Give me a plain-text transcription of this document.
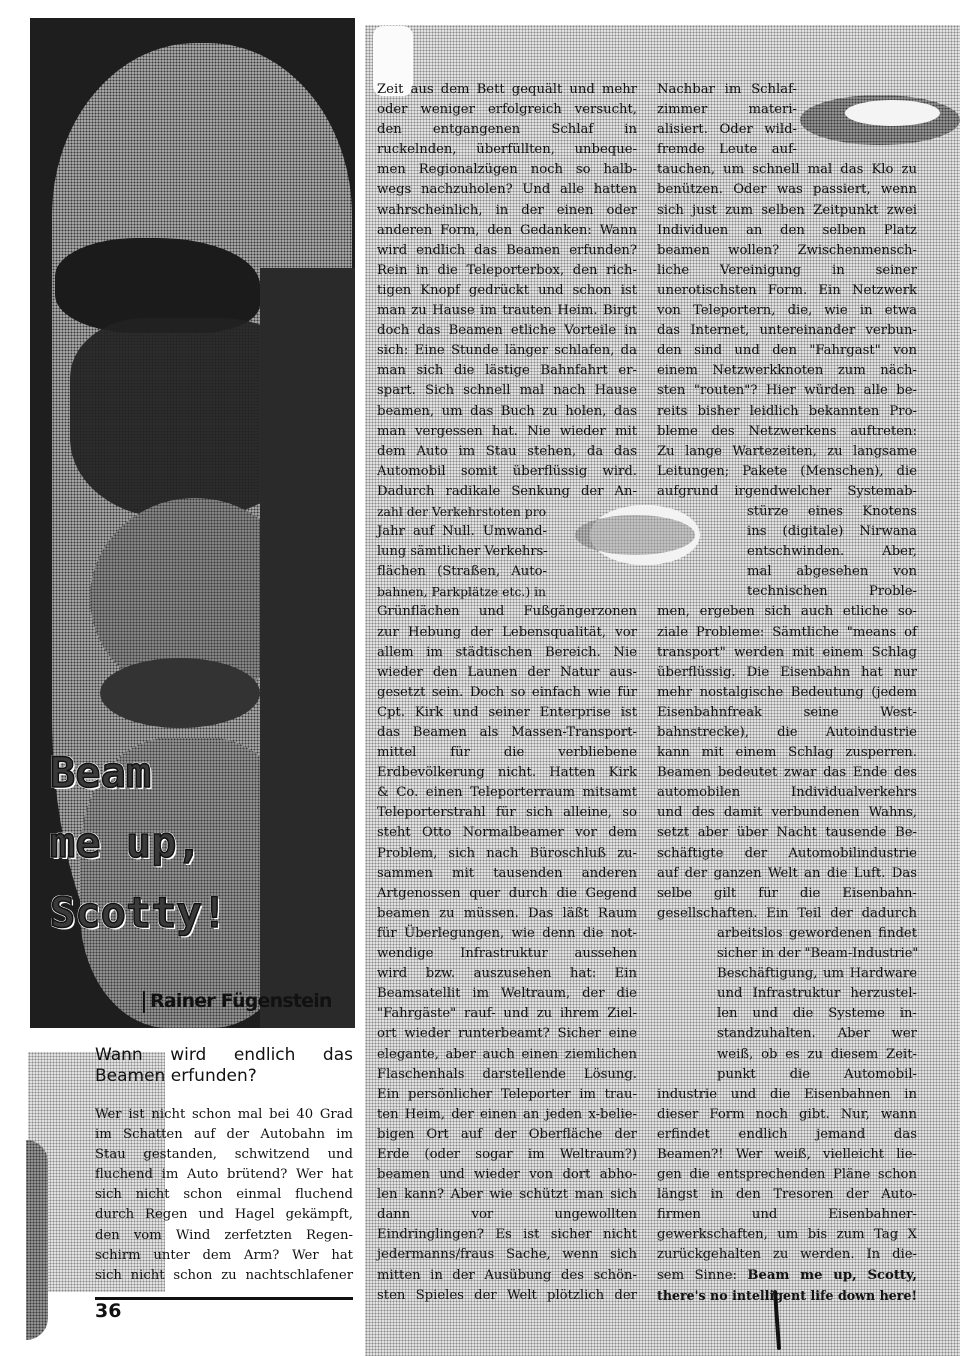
Beam
me up,
Scotty!
Rainer Fügenstein
Wann wird endlich das
Beamen erfunden?
Wer ist nicht schon mal bei 40 Grad
im Schatten auf der Autobahn im
Stau gestanden, schwitzend und
fluchend im Auto brütend? Wer hat
sich nicht schon einmal fluchend
durch Regen und Hagel gekämpft,
den vom Wind zerfetzten Regen-
schirm unter dem Arm? Wer hat
sich nicht schon zu nachtschlafener
Zeit aus dem Bett gequält und mehr
oder weniger erfolgreich versucht,
den entgangenen Schlaf in
ruckelnden, überfüllten, unbeque-
men Regionalzügen noch so halb-
wegs nachzuholen? Und alle hatten
wahrscheinlich, in der einen oder
anderen Form, den Gedanken: Wann
wird endlich das Beamen erfunden?
Rein in die Teleporterbox, den rich-
tigen Knopf gedrückt und schon ist
man zu Hause im trauten Heim. Birgt
doch das Beamen etliche Vorteile in
sich: Eine Stunde länger schlafen, da
man sich die lästige Bahnfahrt er-
spart. Sich schnell mal nach Hause
beamen, um das Buch zu holen, das
man vergessen hat. Nie wieder mit
dem Auto im Stau stehen, da das
Automobil somit überflüssig wird.
Dadurch radikale Senkung der An-
zahl der Verkehrstoten pro
Jahr auf Null. Umwand-
lung sämtlicher Verkehrs-
flächen (Straßen, Auto-
bahnen, Parkplätze etc.) in
Grünflächen und Fußgängerzonen
zur Hebung der Lebensqualität, vor
allem im städtischen Bereich. Nie
wieder den Launen der Natur aus-
gesetzt sein. Doch so einfach wie für
Cpt. Kirk und seiner Enterprise ist
das Beamen als Massen-Transport-
mittel für die verbliebene
Erdbevölkerung nicht. Hatten Kirk
& Co. einen Teleporterraum mitsamt
Teleporterstrahl für sich alleine, so
steht Otto Normalbeamer vor dem
Problem, sich nach Büroschluß zu-
sammen mit tausenden anderen
Artgenossen quer durch die Gegend
beamen zu müssen. Das läßt Raum
für Überlegungen, wie denn die not-
wendige Infrastruktur aussehen
wird bzw. auszusehen hat: Ein
Beamsatellit im Weltraum, der die
"Fahrgäste" rauf- und zu ihrem Ziel-
ort wieder runterbeamt? Sicher eine
elegante, aber auch einen ziemlichen
Flaschenhals darstellende Lösung.
Ein persönlicher Teleporter im trau-
ten Heim, der einen an jeden x-belie-
bigen Ort auf der Oberfläche der
Erde (oder sogar im Weltraum?)
beamen und wieder von dort abho-
len kann? Aber wie schützt man sich
dann vor ungewollten
Eindringlingen? Es ist sicher nicht
jedermanns/fraus Sache, wenn sich
mitten in der Ausübung des schön-
sten Spieles der Welt plötzlich der
Nachbar im Schlaf-
zimmer materi-
alisiert. Oder wild-
fremde Leute auf-
tauchen, um schnell mal das Klo zu
benützen. Oder was passiert, wenn
sich just zum selben Zeitpunkt zwei
Individuen an den selben Platz
beamen wollen? Zwischenmensch-
liche Vereinigung in seiner
unerotischsten Form. Ein Netzwerk
von Teleportern, die, wie in etwa
das Internet, untereinander verbun-
den sind und den "Fahrgast" von
einem Netzwerkknoten zum näch-
sten "routen"? Hier würden alle be-
reits bisher leidlich bekannten Pro-
bleme des Netzwerkens auftreten:
Zu lange Wartezeiten, zu langsame
Leitungen; Pakete (Menschen), die
aufgrund irgendwelcher Systemab-
stürze eines Knotens
ins (digitale) Nirwana
entschwinden. Aber,
mal abgesehen von
technischen Proble-
men, ergeben sich auch etliche so-
ziale Probleme: Sämtliche "means of
transport" werden mit einem Schlag
überflüssig. Die Eisenbahn hat nur
mehr nostalgische Bedeutung (jedem
Eisenbahnfreak seine West-
bahnstrecke), die Autoindustrie
kann mit einem Schlag zusperren.
Beamen bedeutet zwar das Ende des
automobilen Individualverkehrs
und des damit verbundenen Wahns,
setzt aber über Nacht tausende Be-
schäftigte der Automobilindustrie
auf der ganzen Welt an die Luft. Das
selbe gilt für die Eisenbahn-
gesellschaften. Ein Teil der dadurch
arbeitslos gewordenen findet
sicher in der "Beam-Industrie"
Beschäftigung, um Hardware
und Infrastruktur herzustel-
len und die Systeme in-
standzuhalten. Aber wer
weiß, ob es zu diesem Zeit-
punkt die Automobil-
industrie und die Eisenbahnen in
dieser Form noch gibt. Nur, wann
erfindet endlich jemand das
Beamen?! Wer weiß, vielleicht lie-
gen die entsprechenden Pläne schon
längst in den Tresoren der Auto-
firmen und Eisenbahner-
gewerkschaften, um bis zum Tag X
zurückgehalten zu werden. In die-
sem Sinne: Beam me up, Scotty,
there's no intelligent life down here!
36
